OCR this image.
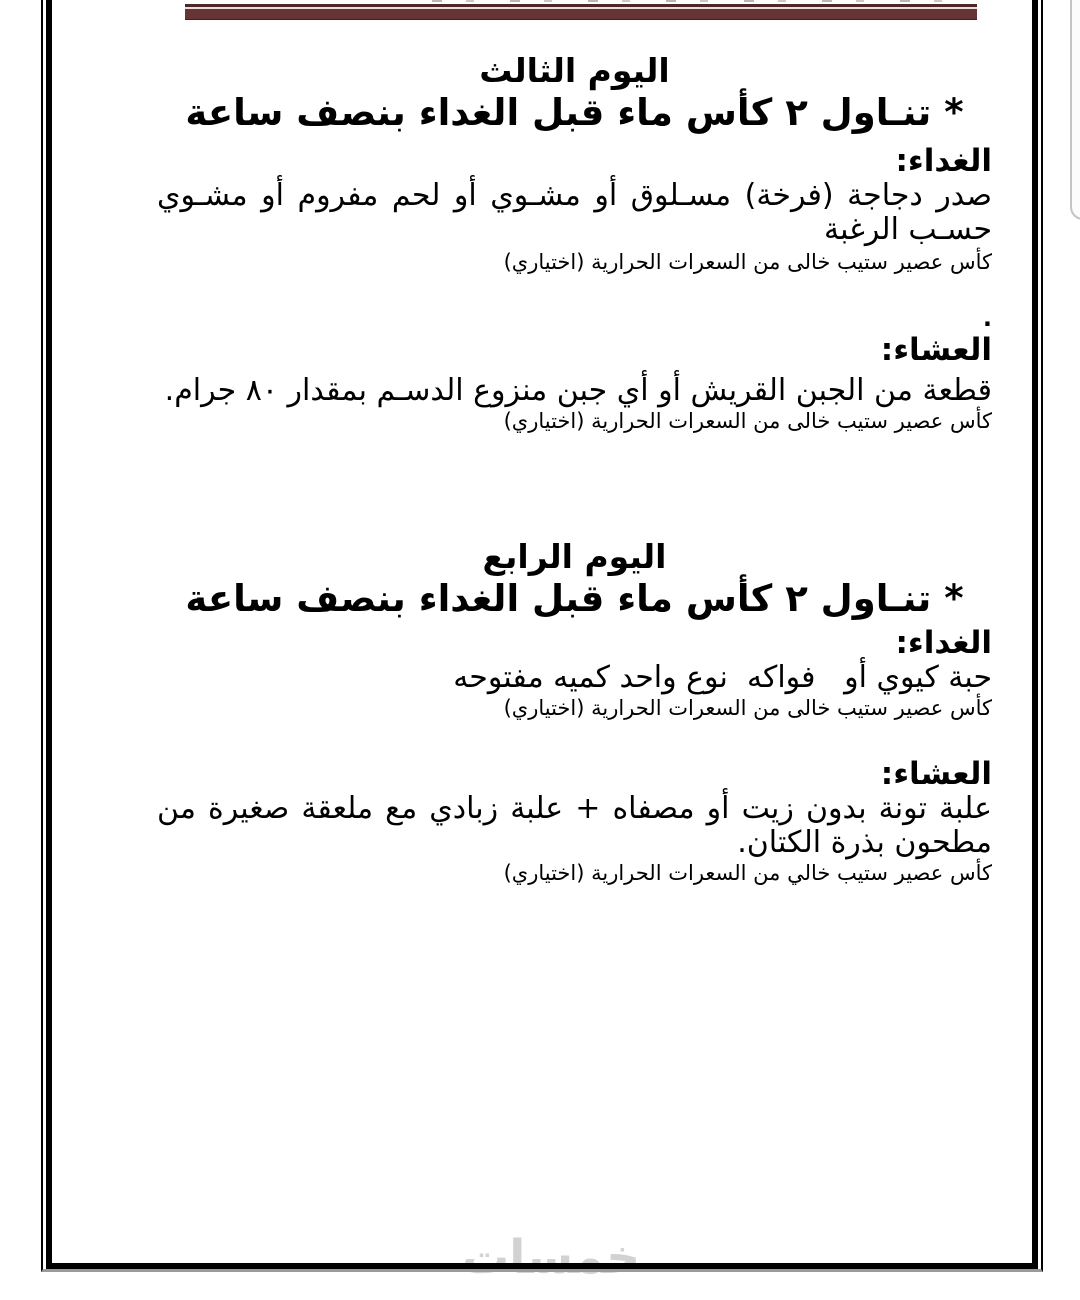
خمسات
اليوم الثالث
* تنـاول ٢ كأس ماء قبل الغداء بنصف ساعة
الغداء:
صدر دجاجة (فرخة) مسـلوق أو مشـوي أو لحم مفروم أو مشـوي حسـب الرغبة
كأس عصير ستيب خالى من السعرات الحرارية (اختياري)
.
العشاء:
قطعة من الجبن القريش أو أي جبن منزوع الدسـم بمقدار ٨٠ جرام.
كأس عصير ستيب خالى من السعرات الحرارية (اختياري)
اليوم الرابع
* تنـاول ٢ كأس ماء قبل الغداء بنصف ساعة
الغداء:
حبة كيوي أو   فواكه  نوع واحد كميه مفتوحه
كأس عصير ستيب خالى من السعرات الحرارية (اختياري)
العشاء:
علبة تونة بدون زيت أو مصفاه + علبة زبادي مع ملعقة صغيرة من مطحون بذرة الكتان.
كأس عصير ستيب خالي من السعرات الحرارية (اختياري)
